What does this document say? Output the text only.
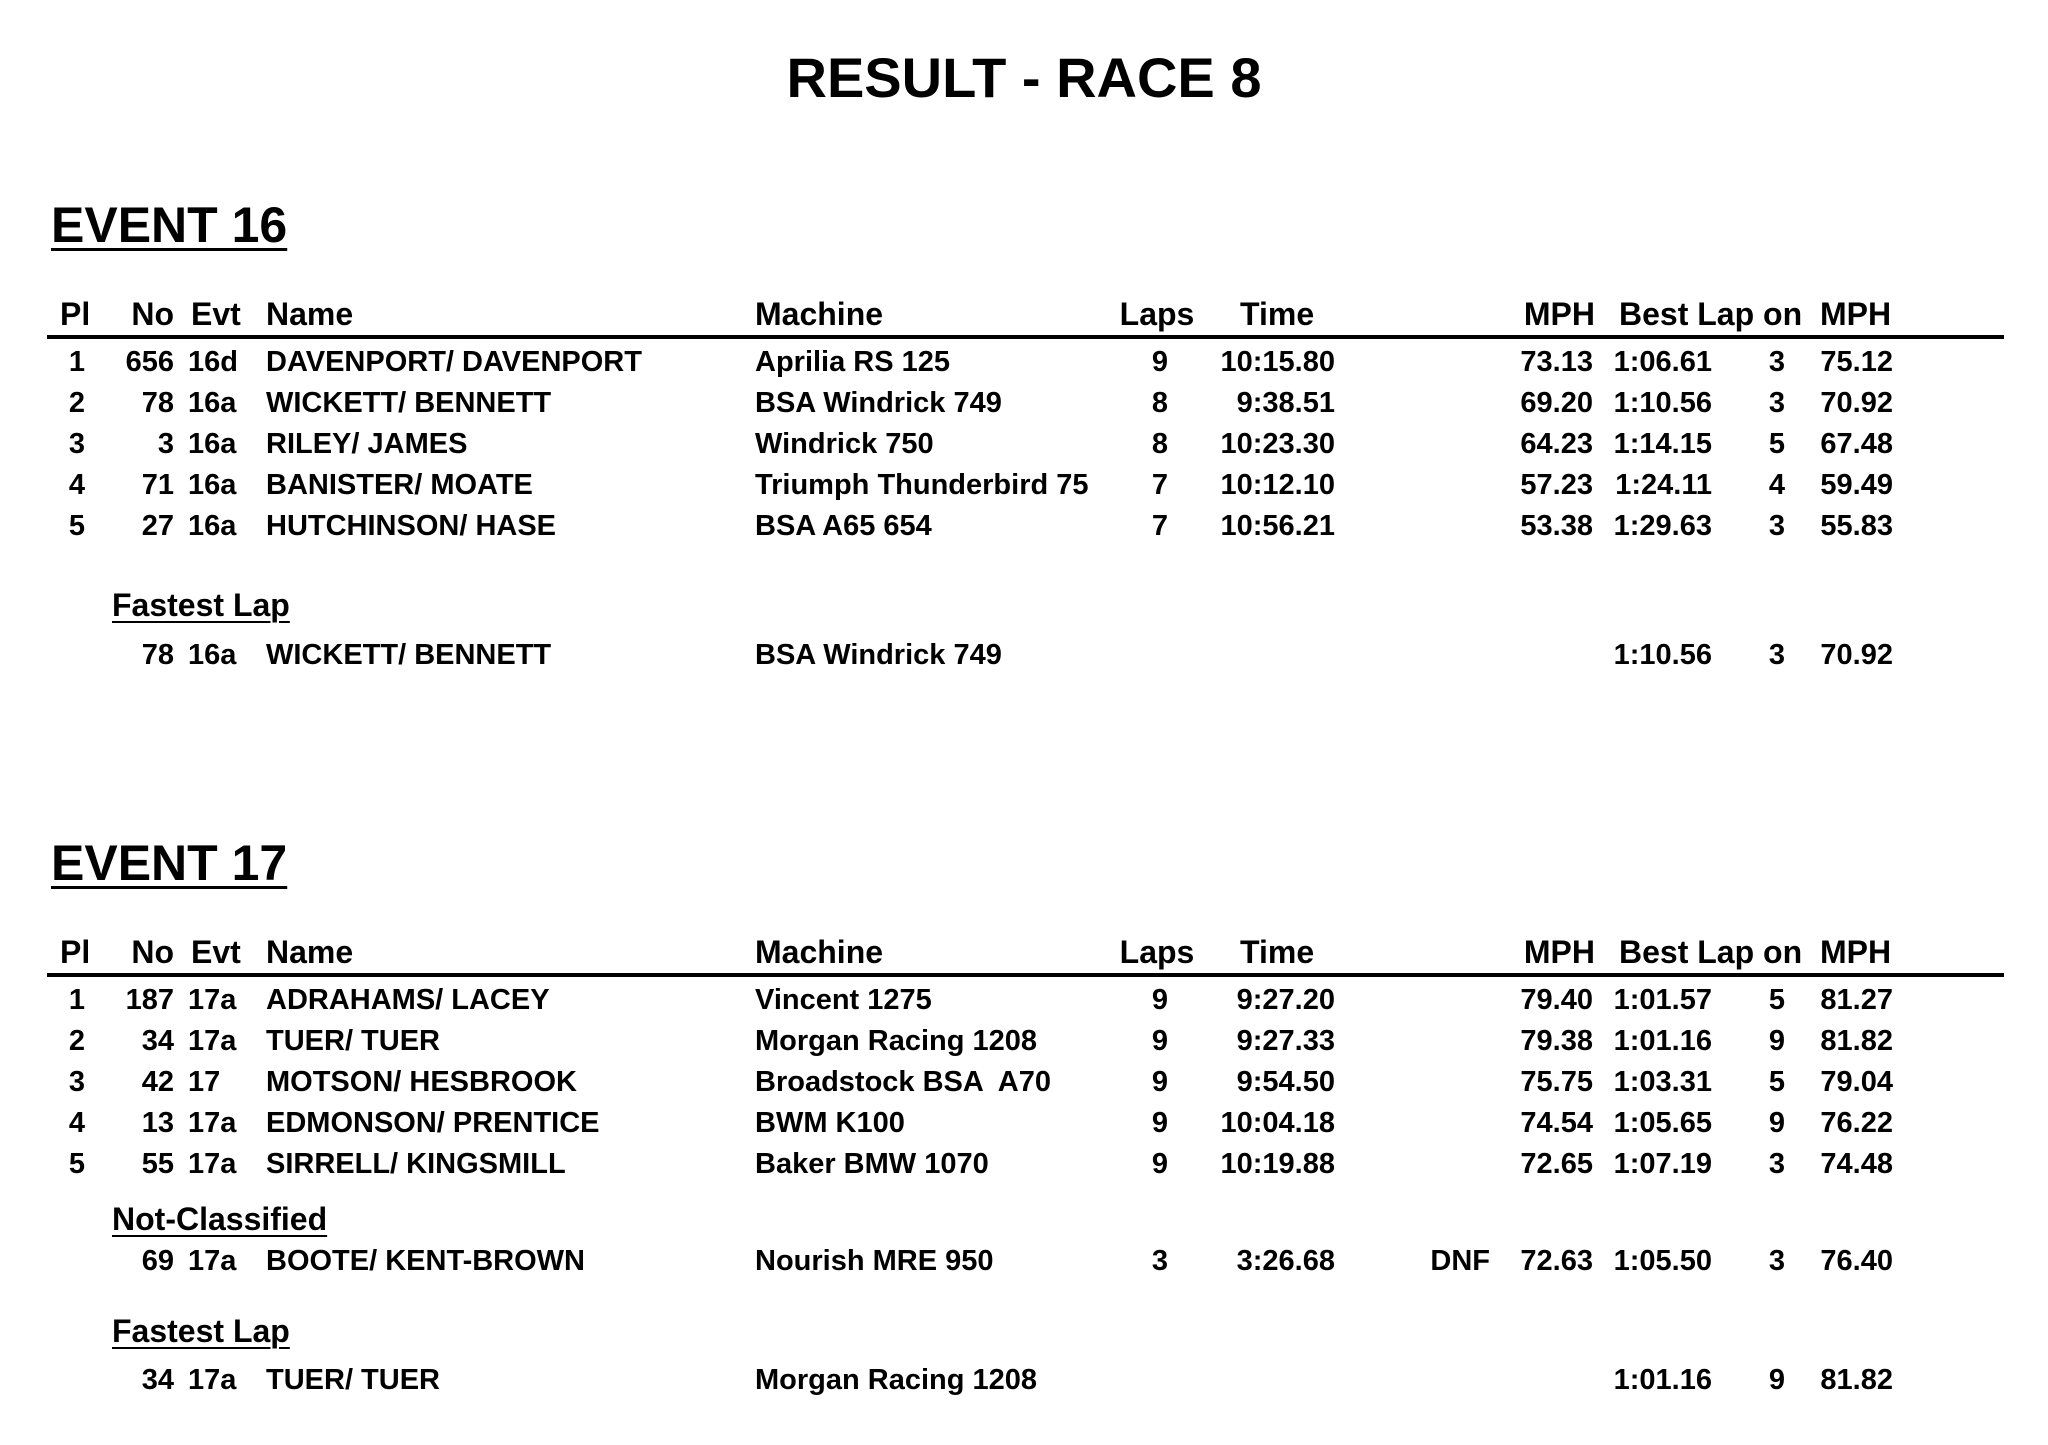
RESULT - RACE 8
EVENT 16
Pl	No Evt Name	Machine	Laps Time	MPH Best Lap on MPH
1	656 16d DAVENPORT/ DAVENPORT	Aprilia RS 125	9	10:15.80	73.13 1:06.61	3 75.12
2	78 16a	WICKETT/ BENNETT	BSA Windrick 749	8	9:38.51	69.20 1:10.56	3 70.92
3	3 16a	RILEY/ JAMES	Windrick 750	8	10:23.30	64.23 1:14.15	5 67.48
4	71 16a	BANISTER/ MOATE	Triumph Thunderbird 75	7	10:12.10	57.23 1:24.11	4 59.49
5	27 16a	HUTCHINSON/ HASE	BSA A65 654	7	10:56.21	53.38 1:29.63	3 55.83
Fastest Lap
78 16a	WICKETT/ BENNETT	BSA Windrick 749	1:10.56	3 70.92
EVENT 17
Pl	No Evt Name	Machine	Laps Time	MPH Best Lap on MPH
1	187 17a	ADRAHAMS/ LACEY	Vincent 1275	9	9:27.20	79.40 1:01.57	5 81.27
2	34 17a	TUER/ TUER	Morgan Racing 1208	9	9:27.33	79.38 1:01.16	9 81.82
3	42 17	MOTSON/ HESBROOK	Broadstock BSA  A70	9	9:54.50	75.75 1:03.31	5 79.04
4	13 17a	EDMONSON/ PRENTICE	BWM K100	9	10:04.18	74.54 1:05.65	9 76.22
5	55 17a	SIRRELL/ KINGSMILL	Baker BMW 1070	9	10:19.88	72.65 1:07.19	3 74.48
Not-Classified
69 17a	BOOTE/ KENT-BROWN	Nourish MRE 950	3	3:26.68	DNF	72.63 1:05.50	3 76.40
Fastest Lap
34 17a	TUER/ TUER	Morgan Racing 1208	1:01.16	9 81.82
